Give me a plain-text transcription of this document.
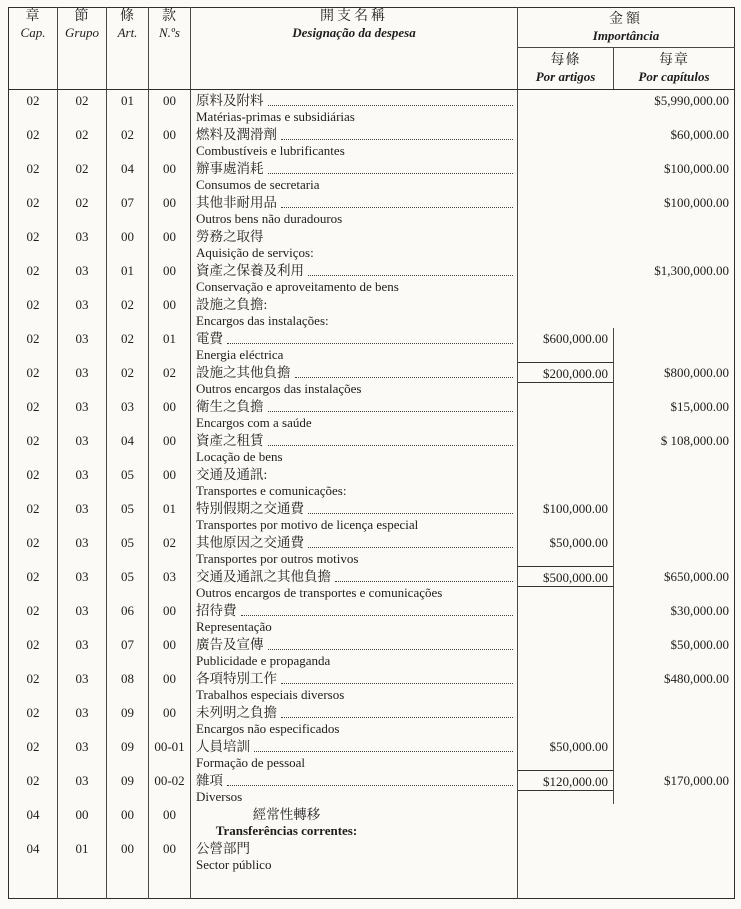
章
Cap.

節
Grupo

條
Art.

款
N.ºs

開支名稱
Designação da despesa

金額
Importância

每條
Por artigos

每章
Por capítulos

02	02	01	00	原料及附料
Matérias-primas e subsidiárias		$5,990,000.00

02	02	02	00	燃料及潤滑劑
Combustíveis e lubrificantes		$60,000.00

02	02	04	00	辦事處消耗
Consumos de secretaria		$100,000.00

02	02	07	00	其他非耐用品
Outros bens não duradouros		$100,000.00

02	03	00	00	勞務之取得
Aquisição de serviços:		

02	03	01	00	資產之保養及利用
Conservação e aproveitamento de bens		$1,300,000.00

02	03	02	00	設施之負擔:
Encargos das instalações:		

02	03	02	01	電費
Energia eléctrica	$600,000.00	

02	03	02	02	設施之其他負擔
Outros encargos das instalações	$200,000.00	$800,000.00

02	03	03	00	衛生之負擔
Encargos com a saúde		$15,000.00

02	03	04	00	資產之租賃
Locação de bens		$ 108,000.00

02	03	05	00	交通及通訊:
Transportes e comunicações:		

02	03	05	01	特別假期之交通費
Transportes por motivo de licença especial	$100,000.00	

02	03	05	02	其他原因之交通費
Transportes por outros motivos	$50,000.00	

02	03	05	03	交通及通訊之其他負擔
Outros encargos de transportes e comunicações	$500,000.00	$650,000.00

02	03	06	00	招待費
Representação		$30,000.00

02	03	07	00	廣告及宣傳
Publicidade e propaganda		$50,000.00

02	03	08	00	各項特別工作
Trabalhos especiais diversos		$480,000.00

02	03	09	00	未列明之負擔
Encargos não especificados		

02	03	09	00-01	人員培訓
Formação de pessoal	$50,000.00	

02	03	09	00-02	雜項
Diversos	$120,000.00	$170,000.00

04	00	00	00	經常性轉移
Transferências correntes:		

04	01	00	00	公營部門
Sector público		
